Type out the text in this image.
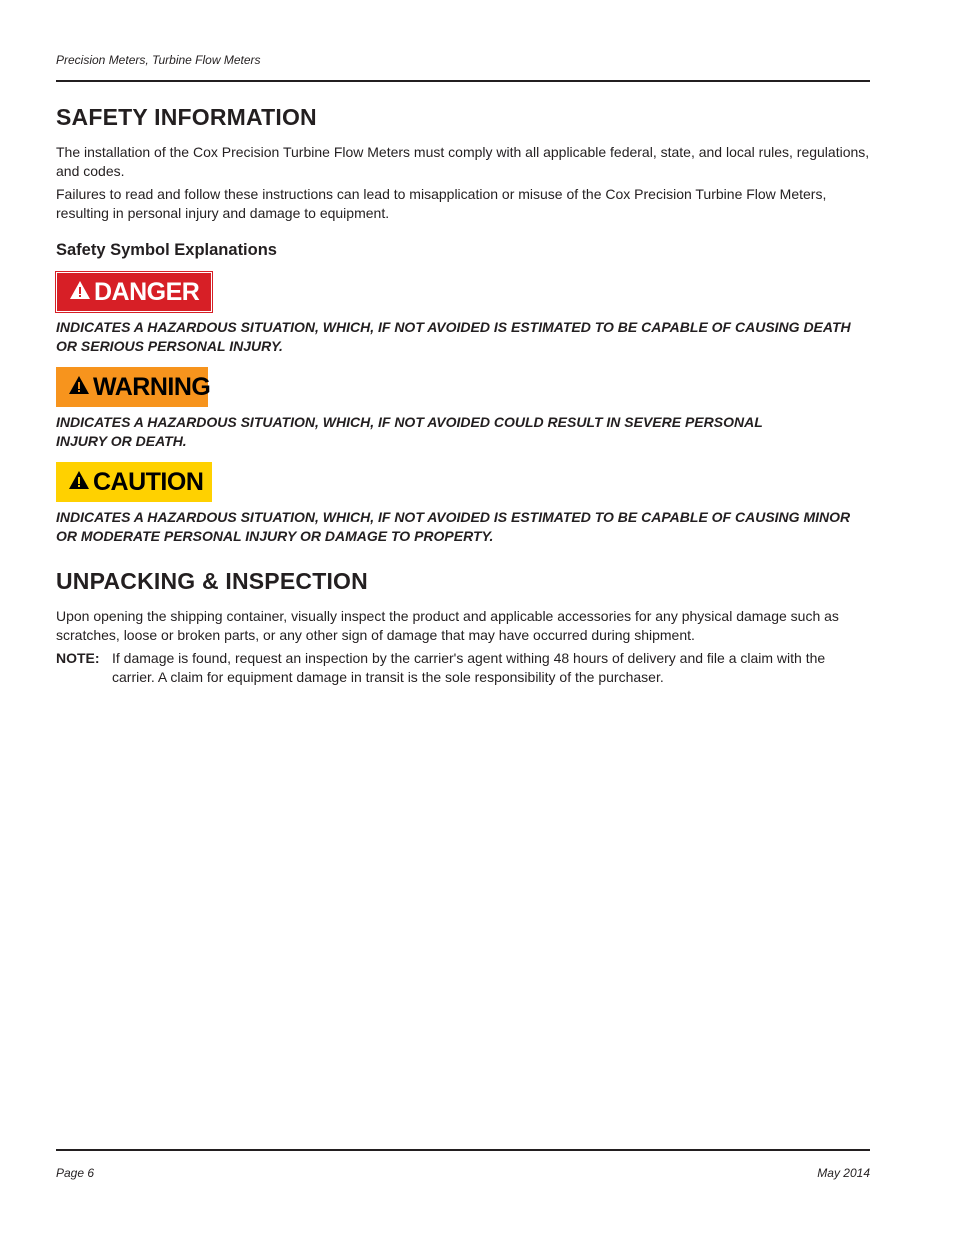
Precision Meters, Turbine Flow Meters
SAFETY INFORMATION

The installation of the Cox Precision Turbine Flow Meters must comply with all applicable federal, state, and local rules, regulations, and codes.

Failures to read and follow these instructions can lead to misapplication or misuse of the Cox Precision Turbine Flow Meters, resulting in personal injury and damage to equipment.

Safety Symbol Explanations
DANGER
INDICATES A HAZARDOUS SITUATION, WHICH, IF NOT AVOIDED IS ESTIMATED TO BE CAPABLE OF CAUSING DEATH OR SERIOUS PERSONAL INJURY.
WARNING
INDICATES A HAZARDOUS SITUATION, WHICH, IF NOT AVOIDED COULD RESULT IN SEVERE PERSONAL INJURY OR DEATH.
CAUTION
INDICATES A HAZARDOUS SITUATION, WHICH, IF NOT AVOIDED IS ESTIMATED TO BE CAPABLE OF CAUSING MINOR OR MODERATE PERSONAL INJURY OR DAMAGE TO PROPERTY.
UNPACKING & INSPECTION

Upon opening the shipping container, visually inspect the product and applicable accessories for any physical damage such as scratches, loose or broken parts, or any other sign of damage that may have occurred during shipment.

NOTE: If damage is found, request an inspection by the carrier's agent withing 48 hours of delivery and file a claim with the carrier. A claim for equipment damage in transit is the sole responsibility of the purchaser.
Page 6	May 2014
